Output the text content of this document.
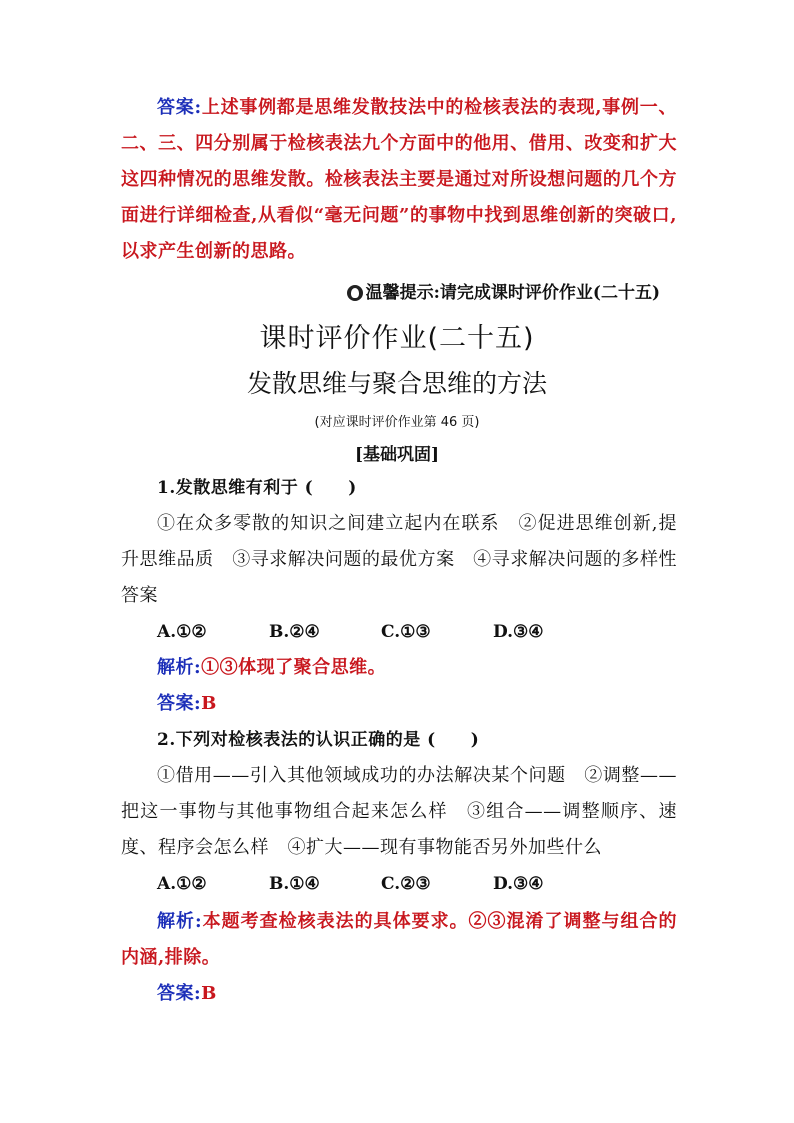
答案:上述事例都是思维发散技法中的检核表法的表现,事例一、二、三、四分别属于检核表法九个方面中的他用、借用、改变和扩大这四种情况的思维发散。检核表法主要是通过对所设想问题的几个方面进行详细检查,从看似“毫无问题”的事物中找到思维创新的突破口,以求产生创新的思路。
温馨提示:请完成课时评价作业(二十五)
课时评价作业(二十五)
发散思维与聚合思维的方法
(对应课时评价作业第 46 页)
[基础巩固]
1.发散思维有利于 (　　)
①在众多零散的知识之间建立起内在联系　②促进思维创新,提升思维品质　③寻求解决问题的最优方案　④寻求解决问题的多样性答案
A.①②	B.②④	C.①③	D.③④
解析:①③体现了聚合思维。
答案:B
2.下列对检核表法的认识正确的是 (　　)
①借用——引入其他领域成功的办法解决某个问题　②调整——把这一事物与其他事物组合起来怎么样　③组合——调整顺序、速度、程序会怎么样　④扩大——现有事物能否另外加些什么
A.①②	B.①④	C.②③	D.③④
解析:本题考查检核表法的具体要求。②③混淆了调整与组合的内涵,排除。
答案:B
